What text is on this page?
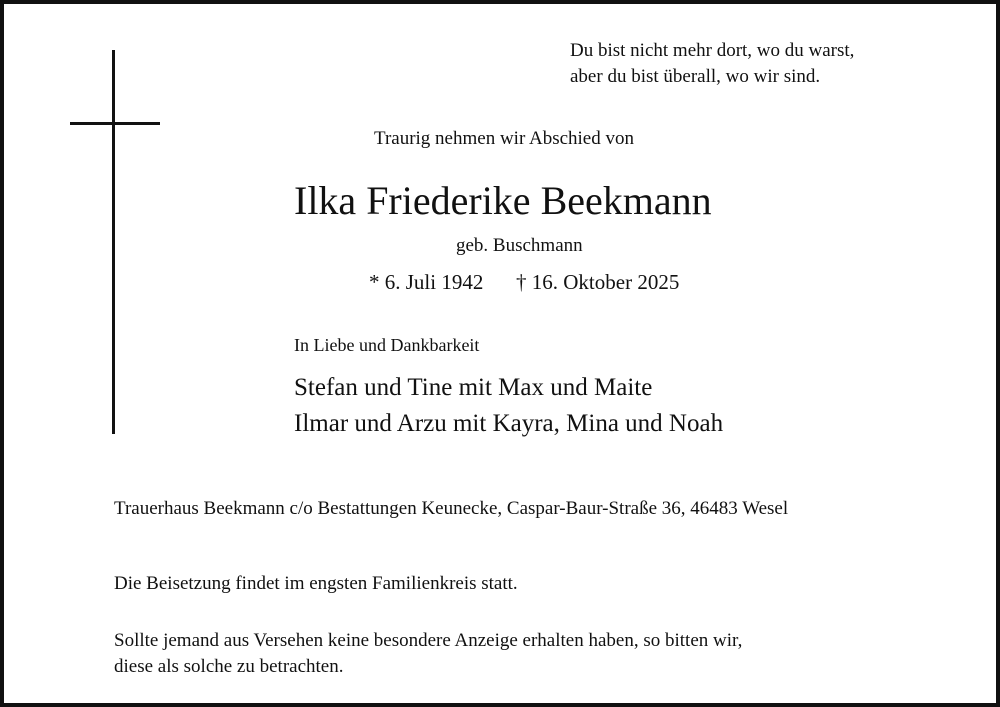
Du bist nicht mehr dort, wo du warst,
aber du bist überall, wo wir sind.
Traurig nehmen wir Abschied von
Ilka Friederike Beekmann
geb. Buschmann
* 6. Juli 1942 † 16. Oktober 2025
In Liebe und Dankbarkeit
Stefan und Tine mit Max und Maite
Ilmar und Arzu mit Kayra, Mina und Noah
Trauerhaus Beekmann c/o Bestattungen Keunecke, Caspar-Baur-Straße 36, 46483 Wesel
Die Beisetzung findet im engsten Familienkreis statt.
Sollte jemand aus Versehen keine besondere Anzeige erhalten haben, so bitten wir,
diese als solche zu betrachten.
